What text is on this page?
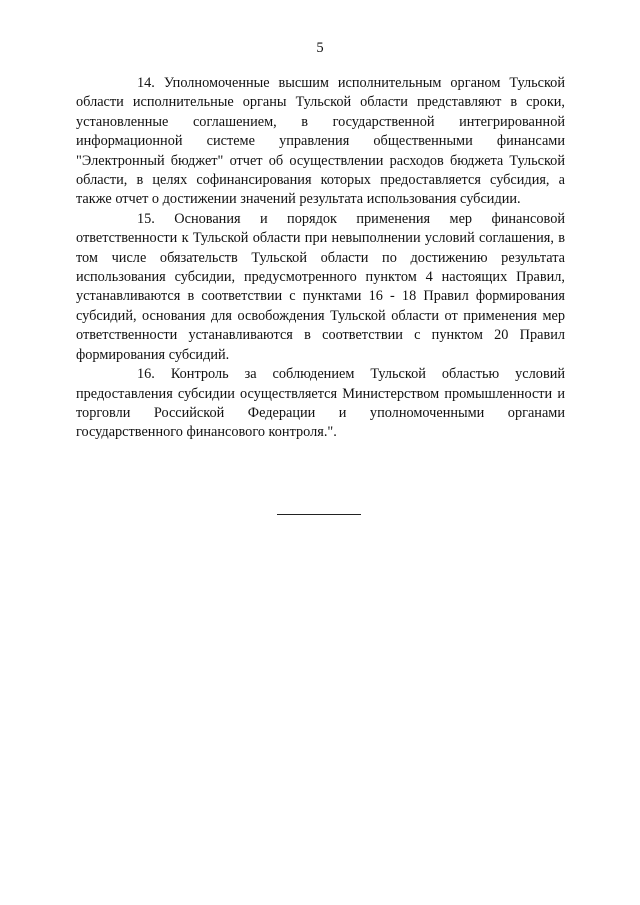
5

14. Уполномоченные высшим исполнительным органом Тульской области исполнительные органы Тульской области представляют в сроки, установленные соглашением, в государственной интегрированной информационной системе управления общественными финансами "Электронный бюджет" отчет об осуществлении расходов бюджета Тульской области, в целях софинансирования которых предоставляется субсидия, а также отчет о достижении значений результата использования субсидии.

15. Основания и порядок применения мер финансовой ответственности к Тульской области при невыполнении условий соглашения, в том числе обязательств Тульской области по достижению результата использования субсидии, предусмотренного пунктом 4 настоящих Правил, устанавливаются в соответствии с пунктами 16 - 18 Правил формирования субсидий, основания для освобождения Тульской области от применения мер ответственности устанавливаются в соответствии с пунктом 20 Правил формирования субсидий.

16. Контроль за соблюдением Тульской областью условий предоставления субсидии осуществляется Министерством промышленности и торговли Российской Федерации и уполномоченными органами государственного финансового контроля.".
